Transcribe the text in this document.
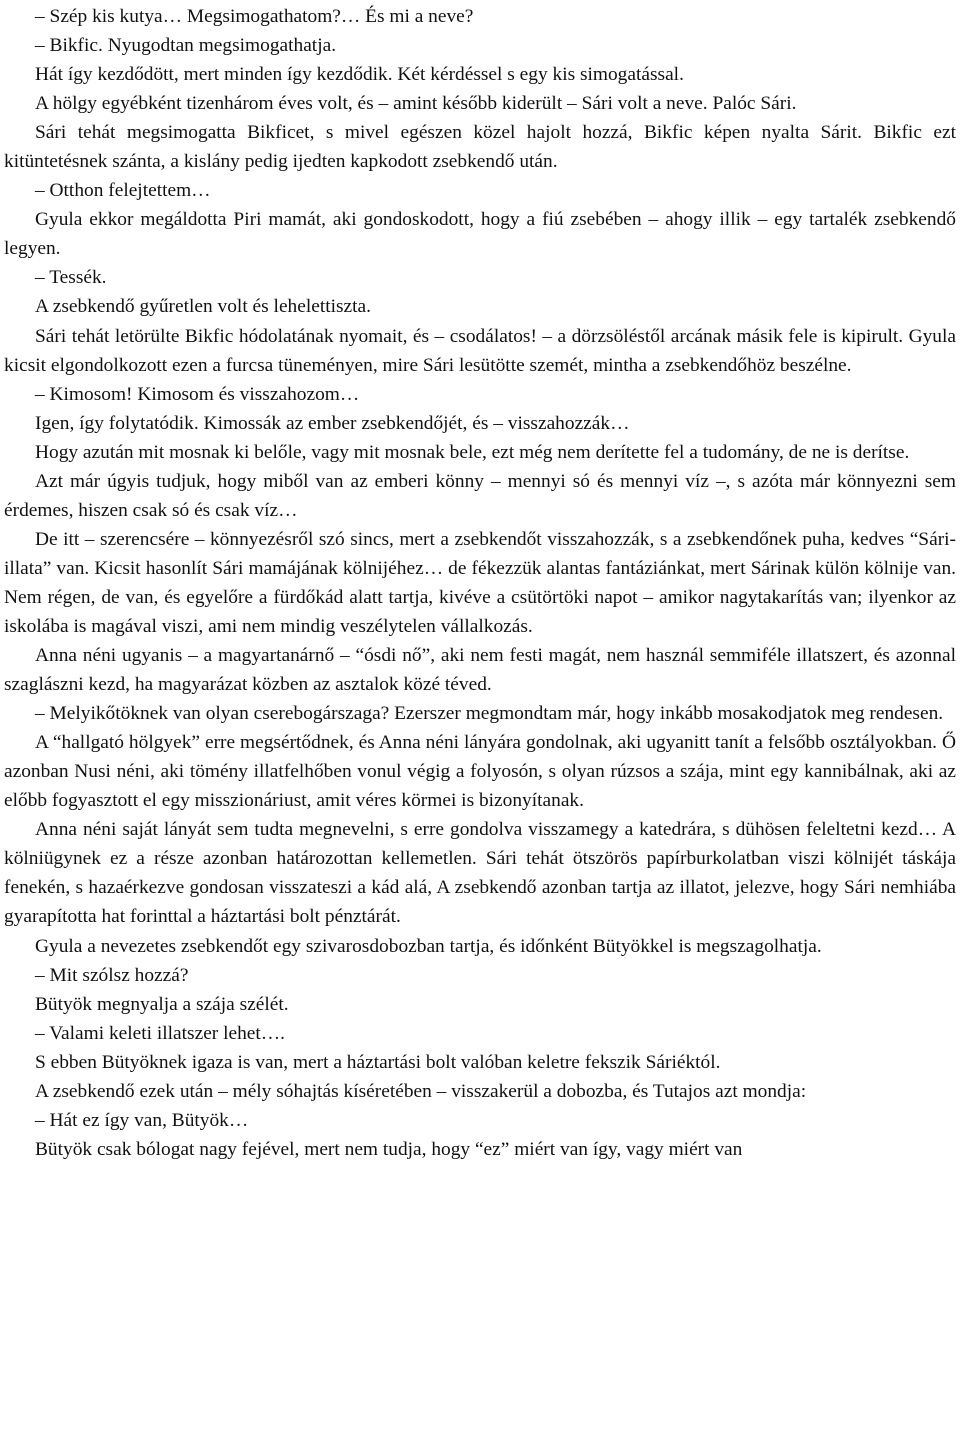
– Szép kis kutya… Megsimogathatom?… És mi a neve?

– Bikfic. Nyugodtan megsimogathatja.

Hát így kezdődött, mert minden így kezdődik. Két kérdéssel s egy kis simogatással.

A hölgy egyébként tizenhárom éves volt, és – amint később kiderült – Sári volt a neve. Palóc Sári.

Sári tehát megsimogatta Bikficet, s mivel egészen közel hajolt hozzá, Bikfic képen nyalta Sárit. Bikfic ezt kitüntetésnek szánta, a kislány pedig ijedten kapkodott zsebkendő után.

– Otthon felejtettem…

Gyula ekkor megáldotta Piri mamát, aki gondoskodott, hogy a fiú zsebében – ahogy illik – egy tartalék zsebkendő legyen.

– Tessék.

A zsebkendő gyűretlen volt és lehelettiszta.

Sári tehát letörülte Bikfic hódolatának nyomait, és – csodálatos! – a dörzsöléstől arcának másik fele is kipirult. Gyula kicsit elgondolkozott ezen a furcsa tüneményen, mire Sári lesütötte szemét, mintha a zsebkendőhöz beszélne.

– Kimosom! Kimosom és visszahozom…

Igen, így folytatódik. Kimossák az ember zsebkendőjét, és – visszahozzák…

Hogy azután mit mosnak ki belőle, vagy mit mosnak bele, ezt még nem derítette fel a tudomány, de ne is derítse.

Azt már úgyis tudjuk, hogy miből van az emberi könny – mennyi só és mennyi víz –, s azóta már könnyezni sem érdemes, hiszen csak só és csak víz…

De itt – szerencsére – könnyezésről szó sincs, mert a zsebkendőt visszahozzák, s a zsebkendőnek puha, kedves “Sári-illata” van. Kicsit hasonlít Sári mamájának kölnijéhez… de fékezzük alantas fantáziánkat, mert Sárinak külön kölnije van. Nem régen, de van, és egyelőre a fürdőkád alatt tartja, kivéve a csütörtöki napot – amikor nagytakarítás van; ilyenkor az iskolába is magával viszi, ami nem mindig veszélytelen vállalkozás.

Anna néni ugyanis – a magyartanárnő – “ósdi nő”, aki nem festi magát, nem használ semmiféle illatszert, és azonnal szaglászni kezd, ha magyarázat közben az asztalok közé téved.

– Melyikőtöknek van olyan cserebogárszaga? Ezerszer megmondtam már, hogy inkább mosakodjatok meg rendesen.

A “hallgató hölgyek” erre megsértődnek, és Anna néni lányára gondolnak, aki ugyanitt tanít a felsőbb osztályokban. Ő azonban Nusi néni, aki tömény illatfelhőben vonul végig a folyosón, s olyan rúzsos a szája, mint egy kannibálnak, aki az előbb fogyasztott el egy misszionáriust, amit véres körmei is bizonyítanak.

Anna néni saját lányát sem tudta megnevelni, s erre gondolva visszamegy a katedrára, s dühösen feleltetni kezd… A kölniügynek ez a része azonban határozottan kellemetlen. Sári tehát ötszörös papírburkolatban viszi kölnijét táskája fenekén, s hazaérkezve gondosan visszateszi a kád alá, A zsebkendő azonban tartja az illatot, jelezve, hogy Sári nemhiába gyarapította hat forinttal a háztartási bolt pénztárát.

Gyula a nevezetes zsebkendőt egy szivarosdobozban tartja, és időnként Bütyökkel is megszagolhatja.

– Mit szólsz hozzá?

Bütyök megnyalja a szája szélét.

– Valami keleti illatszer lehet….

S ebben Bütyöknek igaza is van, mert a háztartási bolt valóban keletre fekszik Sáriéktól.

A zsebkendő ezek után – mély sóhajtás kíséretében – visszakerül a dobozba, és Tutajos azt mondja:

– Hát ez így van, Bütyök…

Bütyök csak bólogat nagy fejével, mert nem tudja, hogy “ez” miért van így, vagy miért van
